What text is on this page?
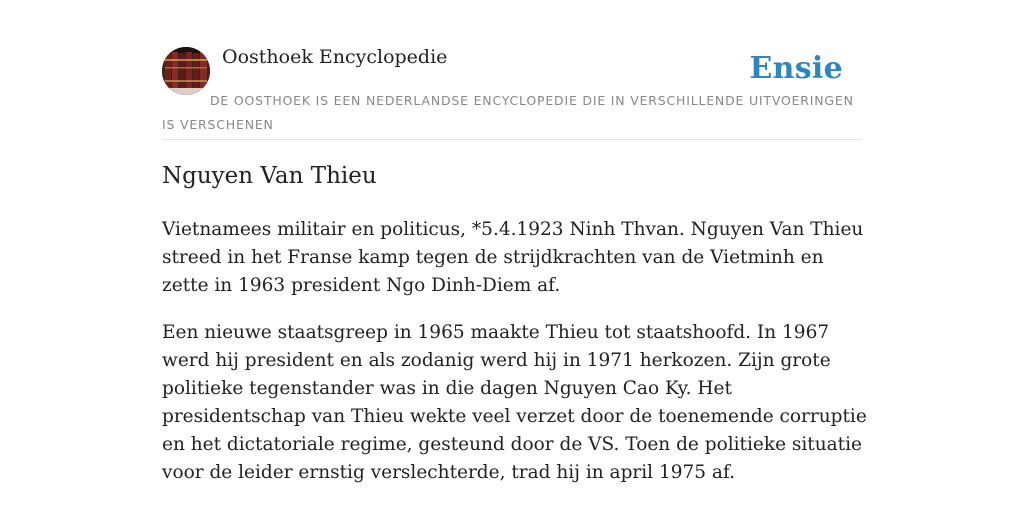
Oosthoek Encyclopedie	Ensie
DE OOSTHOEK IS EEN NEDERLANDSE ENCYCLOPEDIE DIE IN VERSCHILLENDE UITVOERINGEN IS VERSCHENEN
Nguyen Van Thieu

Vietnamees militair en politicus, *5.4.1923 Ninh Thvan. Nguyen Van Thieu streed in het Franse kamp tegen de strijdkrachten van de Vietminh en zette in 1963 president Ngo Dinh-Diem af.

Een nieuwe staatsgreep in 1965 maakte Thieu tot staatshoofd. In 1967 werd hij president en als zodanig werd hij in 1971 herkozen. Zijn grote politieke tegenstander was in die dagen Nguyen Cao Ky. Het presidentschap van Thieu wekte veel verzet door de toenemende corruptie en het dictatoriale regime, gesteund door de VS. Toen de politieke situatie voor de leider ernstig verslechterde, trad hij in april 1975 af.
